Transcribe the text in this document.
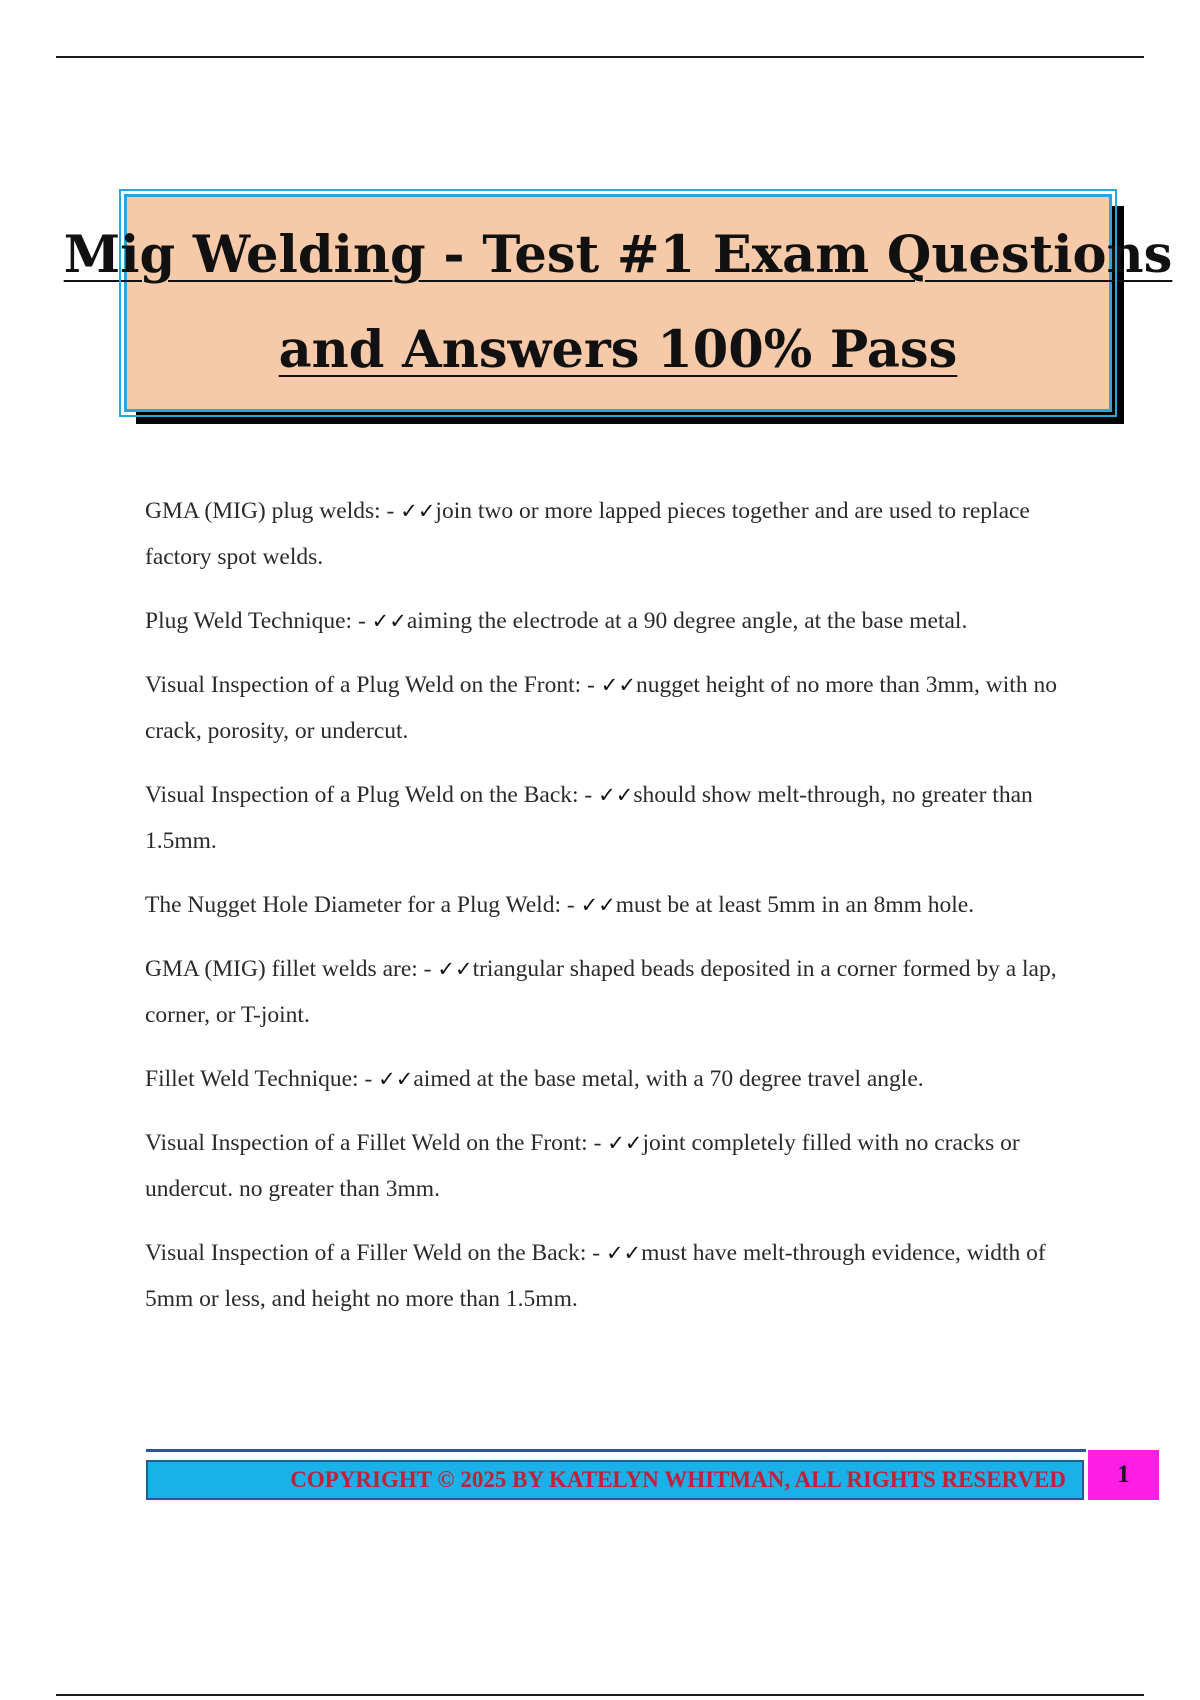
Mig Welding - Test #1 Exam Questions
and Answers 100% Pass

GMA (MIG) plug welds: - ✓✓join two or more lapped pieces together and are used to replace factory spot welds.

Plug Weld Technique: - ✓✓aiming the electrode at a 90 degree angle, at the base metal.

Visual Inspection of a Plug Weld on the Front: - ✓✓nugget height of no more than 3mm, with no crack, porosity, or undercut.

Visual Inspection of a Plug Weld on the Back: - ✓✓should show melt-through, no greater than 1.5mm.

The Nugget Hole Diameter for a Plug Weld: - ✓✓must be at least 5mm in an 8mm hole.

GMA (MIG) fillet welds are: - ✓✓triangular shaped beads deposited in a corner formed by a lap, corner, or T-joint.

Fillet Weld Technique: - ✓✓aimed at the base metal, with a 70 degree travel angle.

Visual Inspection of a Fillet Weld on the Front: - ✓✓joint completely filled with no cracks or undercut. no greater than 3mm.

Visual Inspection of a Filler Weld on the Back: - ✓✓must have melt-through evidence, width of 5mm or less, and height no more than 1.5mm.

COPYRIGHT © 2025 BY KATELYN WHITMAN, ALL RIGHTS RESERVED 1
